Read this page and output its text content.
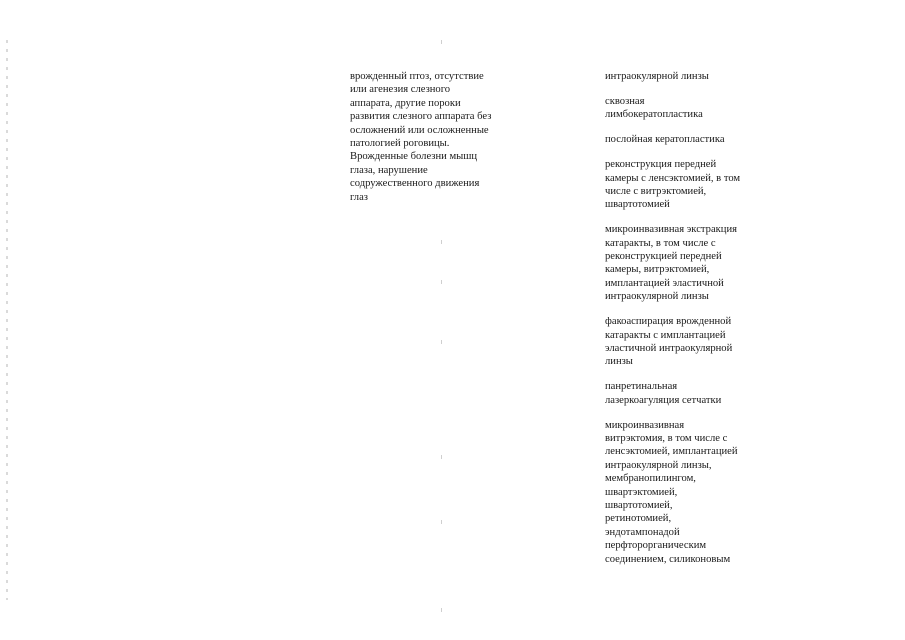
врожденный птоз, отсутствие
или агенезия слезного
аппарата, другие пороки
развития слезного аппарата без
осложнений или осложненные
патологией роговицы.
Врожденные болезни мышц
глаза, нарушение
содружественного движения
глаз
интраокулярной линзы
сквозная
лимбокератопластика
послойная кератопластика
реконструкция передней
камеры с ленсэктомией, в том
числе с витрэктомией,
швартотомией
микроинвазивная экстракция
катаракты, в том числе с
реконструкцией передней
камеры, витрэктомией,
имплантацией эластичной
интраокулярной линзы
факоаспирация врожденной
катаракты с имплантацией
эластичной интраокулярной
линзы
панретинальная
лазеркоагуляция сетчатки
микроинвазивная
витрэктомия, в том числе с
ленсэктомией, имплантацией
интраокулярной линзы,
мембранопилингом,
швартэктомией,
швартотомией,
ретинотомией,
эндотампонадой
перфторорганическим
соединением, силиконовым
